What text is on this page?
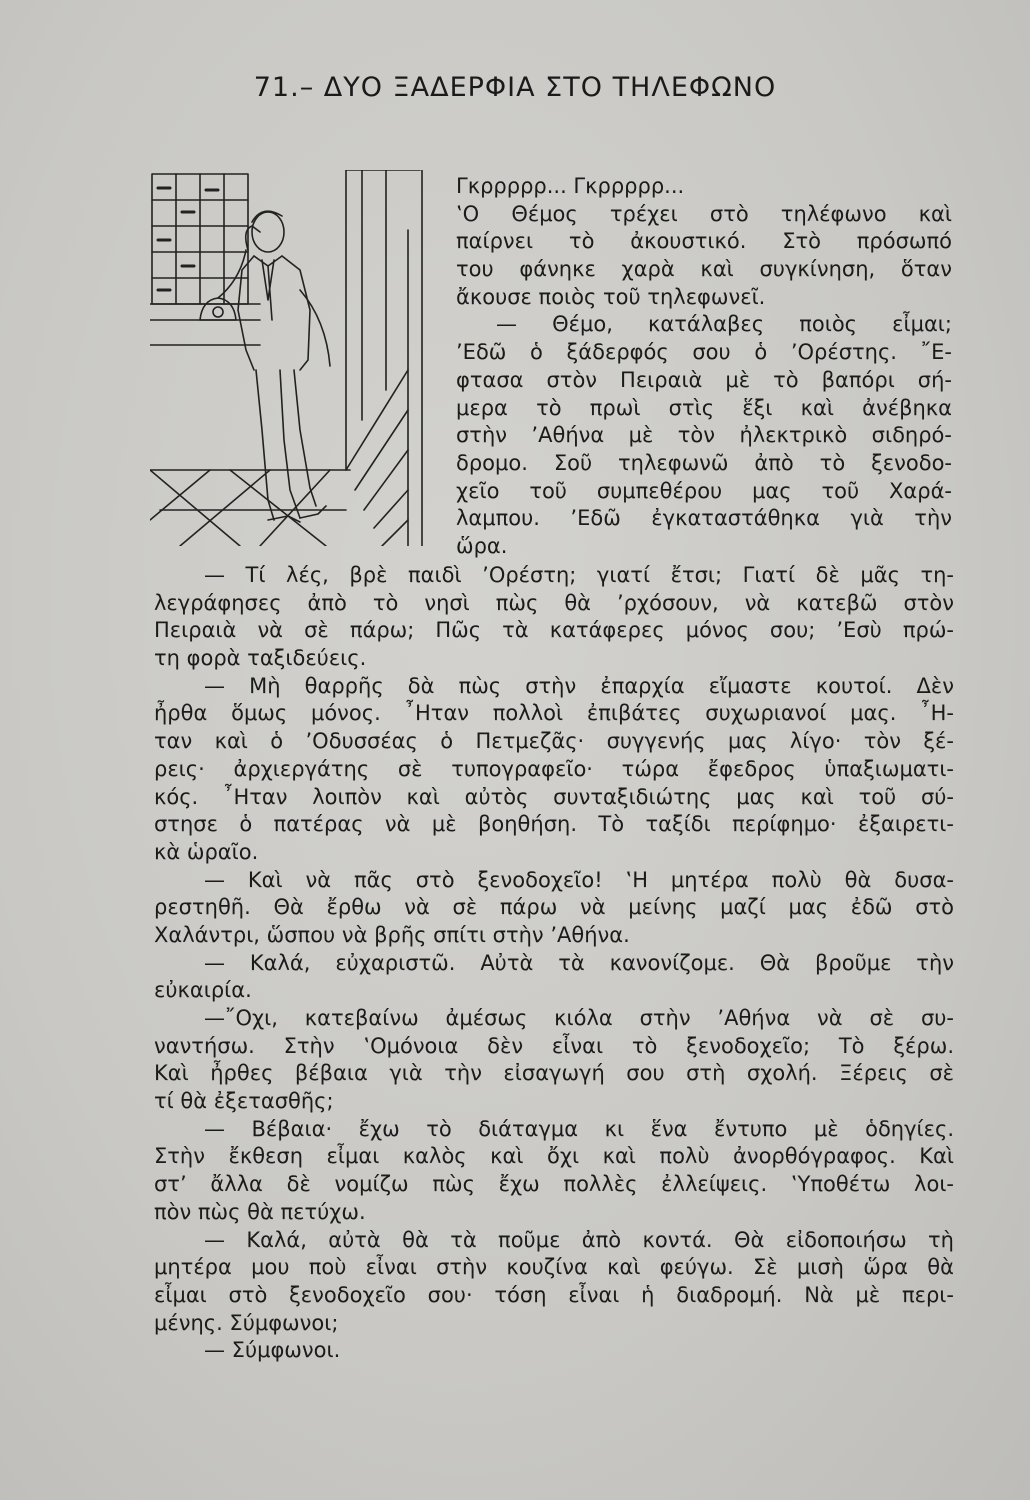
71.– ΔΥΟ ΞΑΔΕΡΦΙΑ ΣΤΟ ΤΗΛΕΦΩΝΟ
Γκρρρρρ... Γκρρρρρ...
‛Ο Θέμος τρέχει στὸ τηλέφωνο καὶ
παίρνει τὸ ἀκουστικό. Στὸ πρόσωπό
του φάνηκε χαρὰ καὶ συγκίνηση, ὅταν
ἄκουσε ποιὸς τοῦ τηλεφωνεῖ.
— Θέμο, κατάλαβες ποιὸς εἶμαι;
’Εδῶ ὁ ξάδερφός σου ὁ ’Ορέστης. ῎Ε-
φτασα στὸν Πειραιὰ μὲ τὸ βαπόρι σή-
μερα τὸ πρωὶ στὶς ἕξι καὶ ἀνέβηκα
στὴν ’Αθήνα μὲ τὸν ἠλεκτρικὸ σιδηρό-
δρομο. Σοῦ τηλεφωνῶ ἀπὸ τὸ ξενοδο-
χεῖο τοῦ συμπεθέρου μας τοῦ Χαρά-
λαμπου. ’Εδῶ ἐγκαταστάθηκα γιὰ τὴν
ὥρα.
— Τί λές, βρὲ παιδὶ ’Ορέστη; γιατί ἔτσι; Γιατί δὲ μᾶς τη-
λεγράφησες ἀπὸ τὸ νησὶ πὼς θὰ ’ρχόσουν, νὰ κατεβῶ στὸν
Πειραιὰ νὰ σὲ πάρω; Πῶς τὰ κατάφερες μόνος σου; ’Εσὺ πρώ-
τη φορὰ ταξιδεύεις.
— Μὴ θαρρῆς δὰ πὼς στὴν ἐπαρχία εἴμαστε κουτοί. Δὲν
ἦρθα ὅμως μόνος. ῏Ηταν πολλοὶ ἐπιβάτες συχωριανοί μας. ῏Η-
ταν καὶ ὁ ’Οδυσσέας ὁ Πετμεζᾶς· συγγενής μας λίγο· τὸν ξέ-
ρεις· ἀρχιεργάτης σὲ τυπογραφεῖο· τώρα ἔφεδρος ὑπαξιωματι-
κός. ῏Ηταν λοιπὸν καὶ αὐτὸς συνταξιδιώτης μας καὶ τοῦ σύ-
στησε ὁ πατέρας νὰ μὲ βοηθήση. Τὸ ταξίδι περίφημο· ἐξαιρετι-
κὰ ὡραῖο.
— Καὶ νὰ πᾶς στὸ ξενοδοχεῖο! ‛Η μητέρα πολὺ θὰ δυσα-
ρεστηθῆ. Θὰ ἔρθω νὰ σὲ πάρω νὰ μείνης μαζί μας ἐδῶ στὸ
Χαλάντρι, ὥσπου νὰ βρῆς σπίτι στὴν ’Αθήνα.
— Καλά, εὐχαριστῶ. Αὐτὰ τὰ κανονίζομε. Θὰ βροῦμε τὴν
εὐκαιρία.
—῎Οχι, κατεβαίνω ἀμέσως κιόλα στὴν ’Αθήνα νὰ σὲ συ-
ναντήσω. Στὴν ‛Ομόνοια δὲν εἶναι τὸ ξενοδοχεῖο; Τὸ ξέρω.
Καὶ ἦρθες βέβαια γιὰ τὴν εἰσαγωγή σου στὴ σχολή. Ξέρεις σὲ
τί θὰ ἐξετασθῆς;
— Βέβαια· ἔχω τὸ διάταγμα κι ἕνα ἔντυπο μὲ ὁδηγίες.
Στὴν ἔκθεση εἶμαι καλὸς καὶ ὄχι καὶ πολὺ ἀνορθόγραφος. Καὶ
στ’ ἄλλα δὲ νομίζω πὼς ἔχω πολλὲς ἐλλείψεις. ‛Υποθέτω λοι-
πὸν πὼς θὰ πετύχω.
— Καλά, αὐτὰ θὰ τὰ ποῦμε ἀπὸ κοντά. Θὰ εἰδοποιήσω τὴ
μητέρα μου ποὺ εἶναι στὴν κουζίνα καὶ φεύγω. Σὲ μισὴ ὥρα θὰ
εἶμαι στὸ ξενοδοχεῖο σου· τόση εἶναι ἡ διαδρομή. Νὰ μὲ περι-
μένης. Σύμφωνοι;
— Σύμφωνοι.
